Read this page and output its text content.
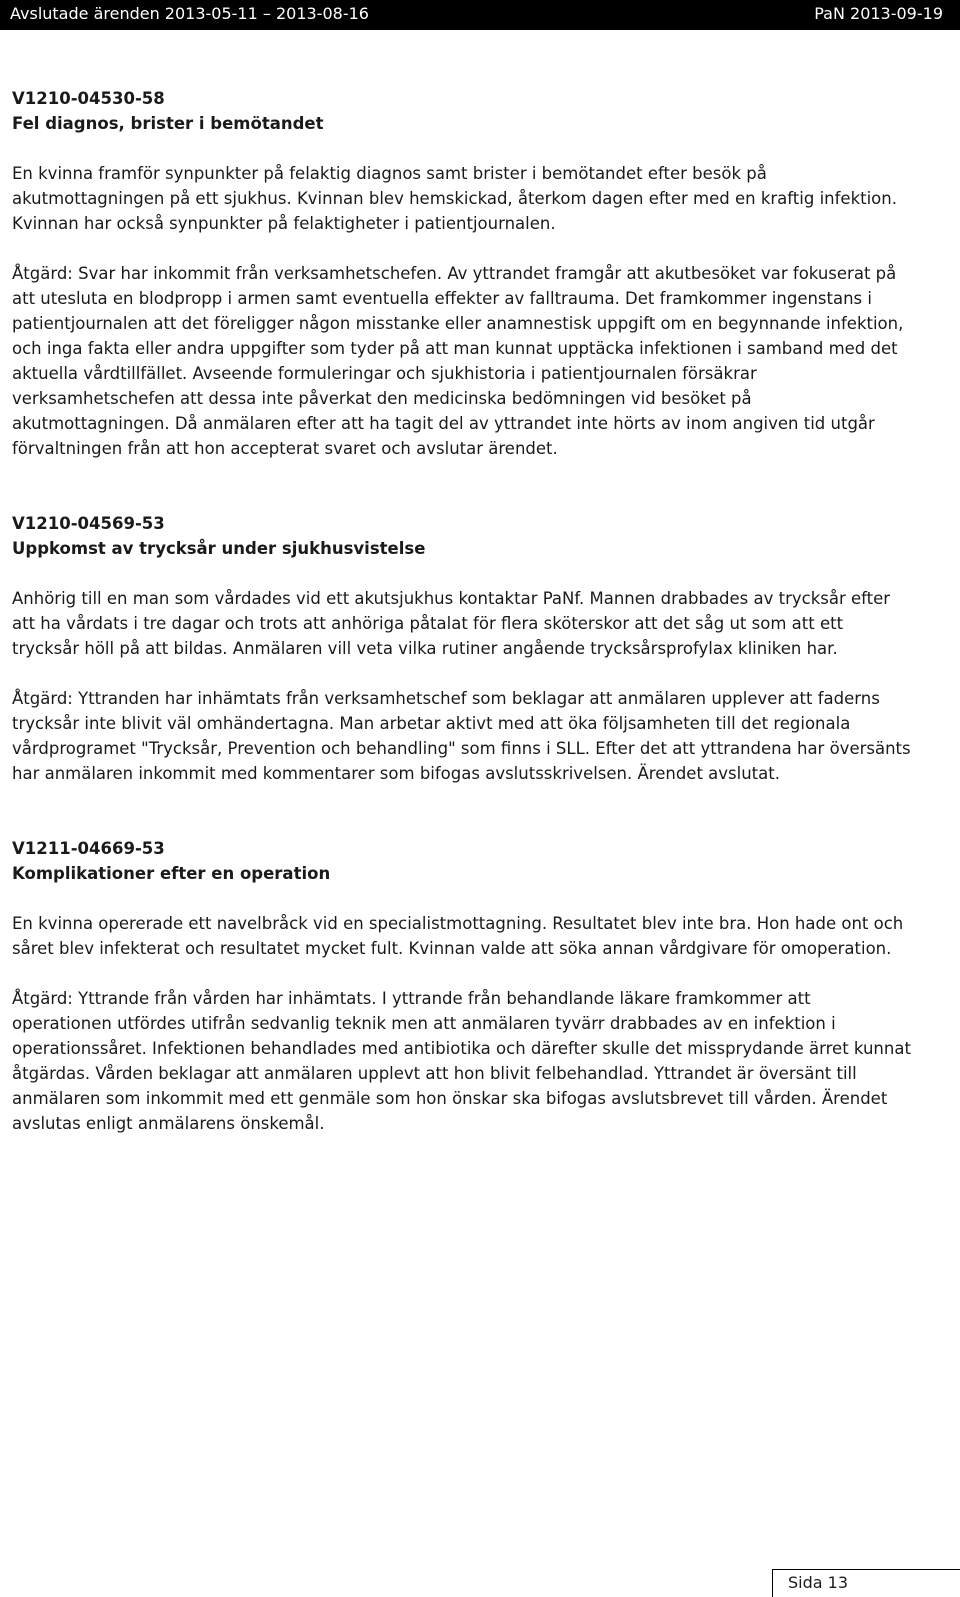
Avslutade ärenden 2013-05-11 – 2013-08-16	PaN 2013-09-19
V1210-04530-58
Fel diagnos, brister i bemötandet

En kvinna framför synpunkter på felaktig diagnos samt brister i bemötandet efter besök på akutmottagningen på ett sjukhus. Kvinnan blev hemskickad, återkom dagen efter med en kraftig infektion. Kvinnan har också synpunkter på felaktigheter i patientjournalen.

Åtgärd: Svar har inkommit från verksamhetschefen. Av yttrandet framgår att akutbesöket var fokuserat på att utesluta en blodpropp i armen samt eventuella effekter av falltrauma. Det framkommer ingenstans i patientjournalen att det föreligger någon misstanke eller anamnestisk uppgift om en begynnande infektion, och inga fakta eller andra uppgifter som tyder på att man kunnat upptäcka infektionen i samband med det aktuella vårdtillfället. Avseende formuleringar och sjukhistoria i patientjournalen försäkrar verksamhetschefen att dessa inte påverkat den medicinska bedömningen vid besöket på akutmottagningen. Då anmälaren efter att ha tagit del av yttrandet inte hörts av inom angiven tid utgår förvaltningen från att hon accepterat svaret och avslutar ärendet.

V1210-04569-53
Uppkomst av trycksår under sjukhusvistelse

Anhörig till en man som vårdades vid ett akutsjukhus kontaktar PaNf. Mannen drabbades av trycksår efter att ha vårdats i tre dagar och trots att anhöriga påtalat för flera sköterskor att det såg ut som att ett trycksår höll på att bildas. Anmälaren vill veta vilka rutiner angående trycksårsprofylax kliniken har.

Åtgärd: Yttranden har inhämtats från verksamhetschef som beklagar att anmälaren upplever att faderns trycksår inte blivit väl omhändertagna. Man arbetar aktivt med att öka följsamheten till det regionala vårdprogramet "Trycksår, Prevention och behandling" som finns i SLL. Efter det att yttrandena har översänts har anmälaren inkommit med kommentarer som bifogas avslutsskrivelsen. Ärendet avslutat.

V1211-04669-53
Komplikationer efter en operation

En kvinna opererade ett navelbråck vid en specialistmottagning. Resultatet blev inte bra. Hon hade ont och såret blev infekterat och resultatet mycket fult. Kvinnan valde att söka annan vårdgivare för omoperation.

Åtgärd: Yttrande från vården har inhämtats. I yttrande från behandlande läkare framkommer att operationen utfördes utifrån sedvanlig teknik men att anmälaren tyvärr drabbades av en infektion i operationssåret. Infektionen behandlades med antibiotika och därefter skulle det missprydande ärret kunnat åtgärdas. Vården beklagar att anmälaren upplevt att hon blivit felbehandlad. Yttrandet är översänt till anmälaren som inkommit med ett genmäle som hon önskar ska bifogas avslutsbrevet till vården. Ärendet avslutas enligt anmälarens önskemål.

Sida 13
